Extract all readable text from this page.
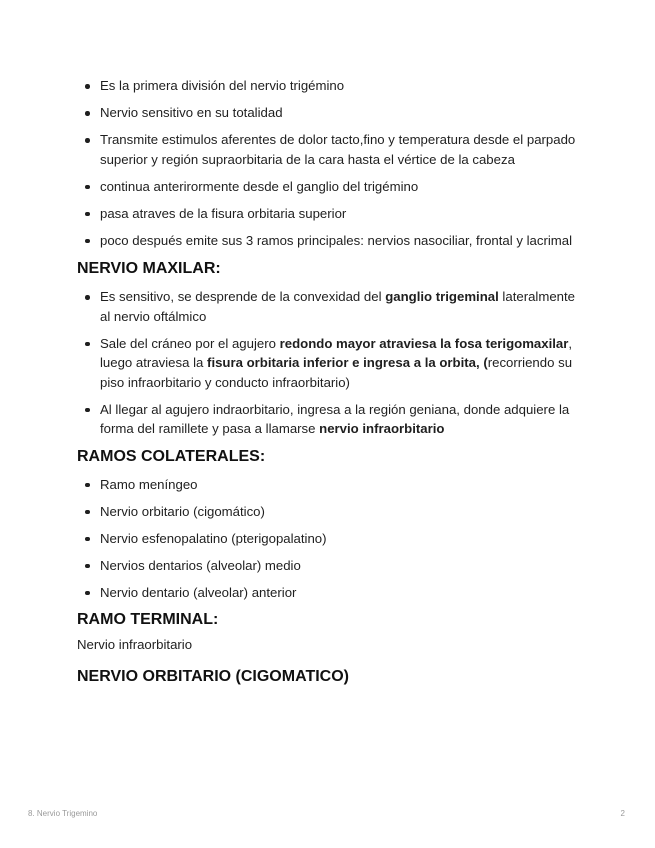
Es la primera división del nervio trigémino
Nervio sensitivo en su totalidad
Transmite estimulos aferentes de dolor tacto,fino y temperatura desde el parpado superior y región supraorbitaria de la cara hasta el vértice de la cabeza
continua anterirormente desde el ganglio del trigémino
pasa atraves de la fisura orbitaria superior
poco después emite sus 3 ramos principales: nervios nasociliar, frontal y lacrimal
NERVIO MAXILAR:
Es sensitivo, se desprende de la convexidad del ganglio trigeminal lateralmente al nervio oftálmico
Sale del cráneo por el agujero redondo mayor atraviesa la fosa terigomaxilar, luego atraviesa la fisura orbitaria inferior e ingresa a la orbita, (recorriendo su piso infraorbitario y conducto infraorbitario)
Al llegar al agujero indraorbitario, ingresa a la región geniana, donde adquiere la forma del ramillete y pasa a llamarse nervio infraorbitario
RAMOS COLATERALES:
Ramo meníngeo
Nervio orbitario (cigomático)
Nervio esfenopalatino (pterigopalatino)
Nervios dentarios (alveolar) medio
Nervio dentario (alveolar) anterior
RAMO TERMINAL:

Nervio infraorbitario

NERVIO ORBITARIO (CIGOMATICO)
8. Nervio Trigemino	2
